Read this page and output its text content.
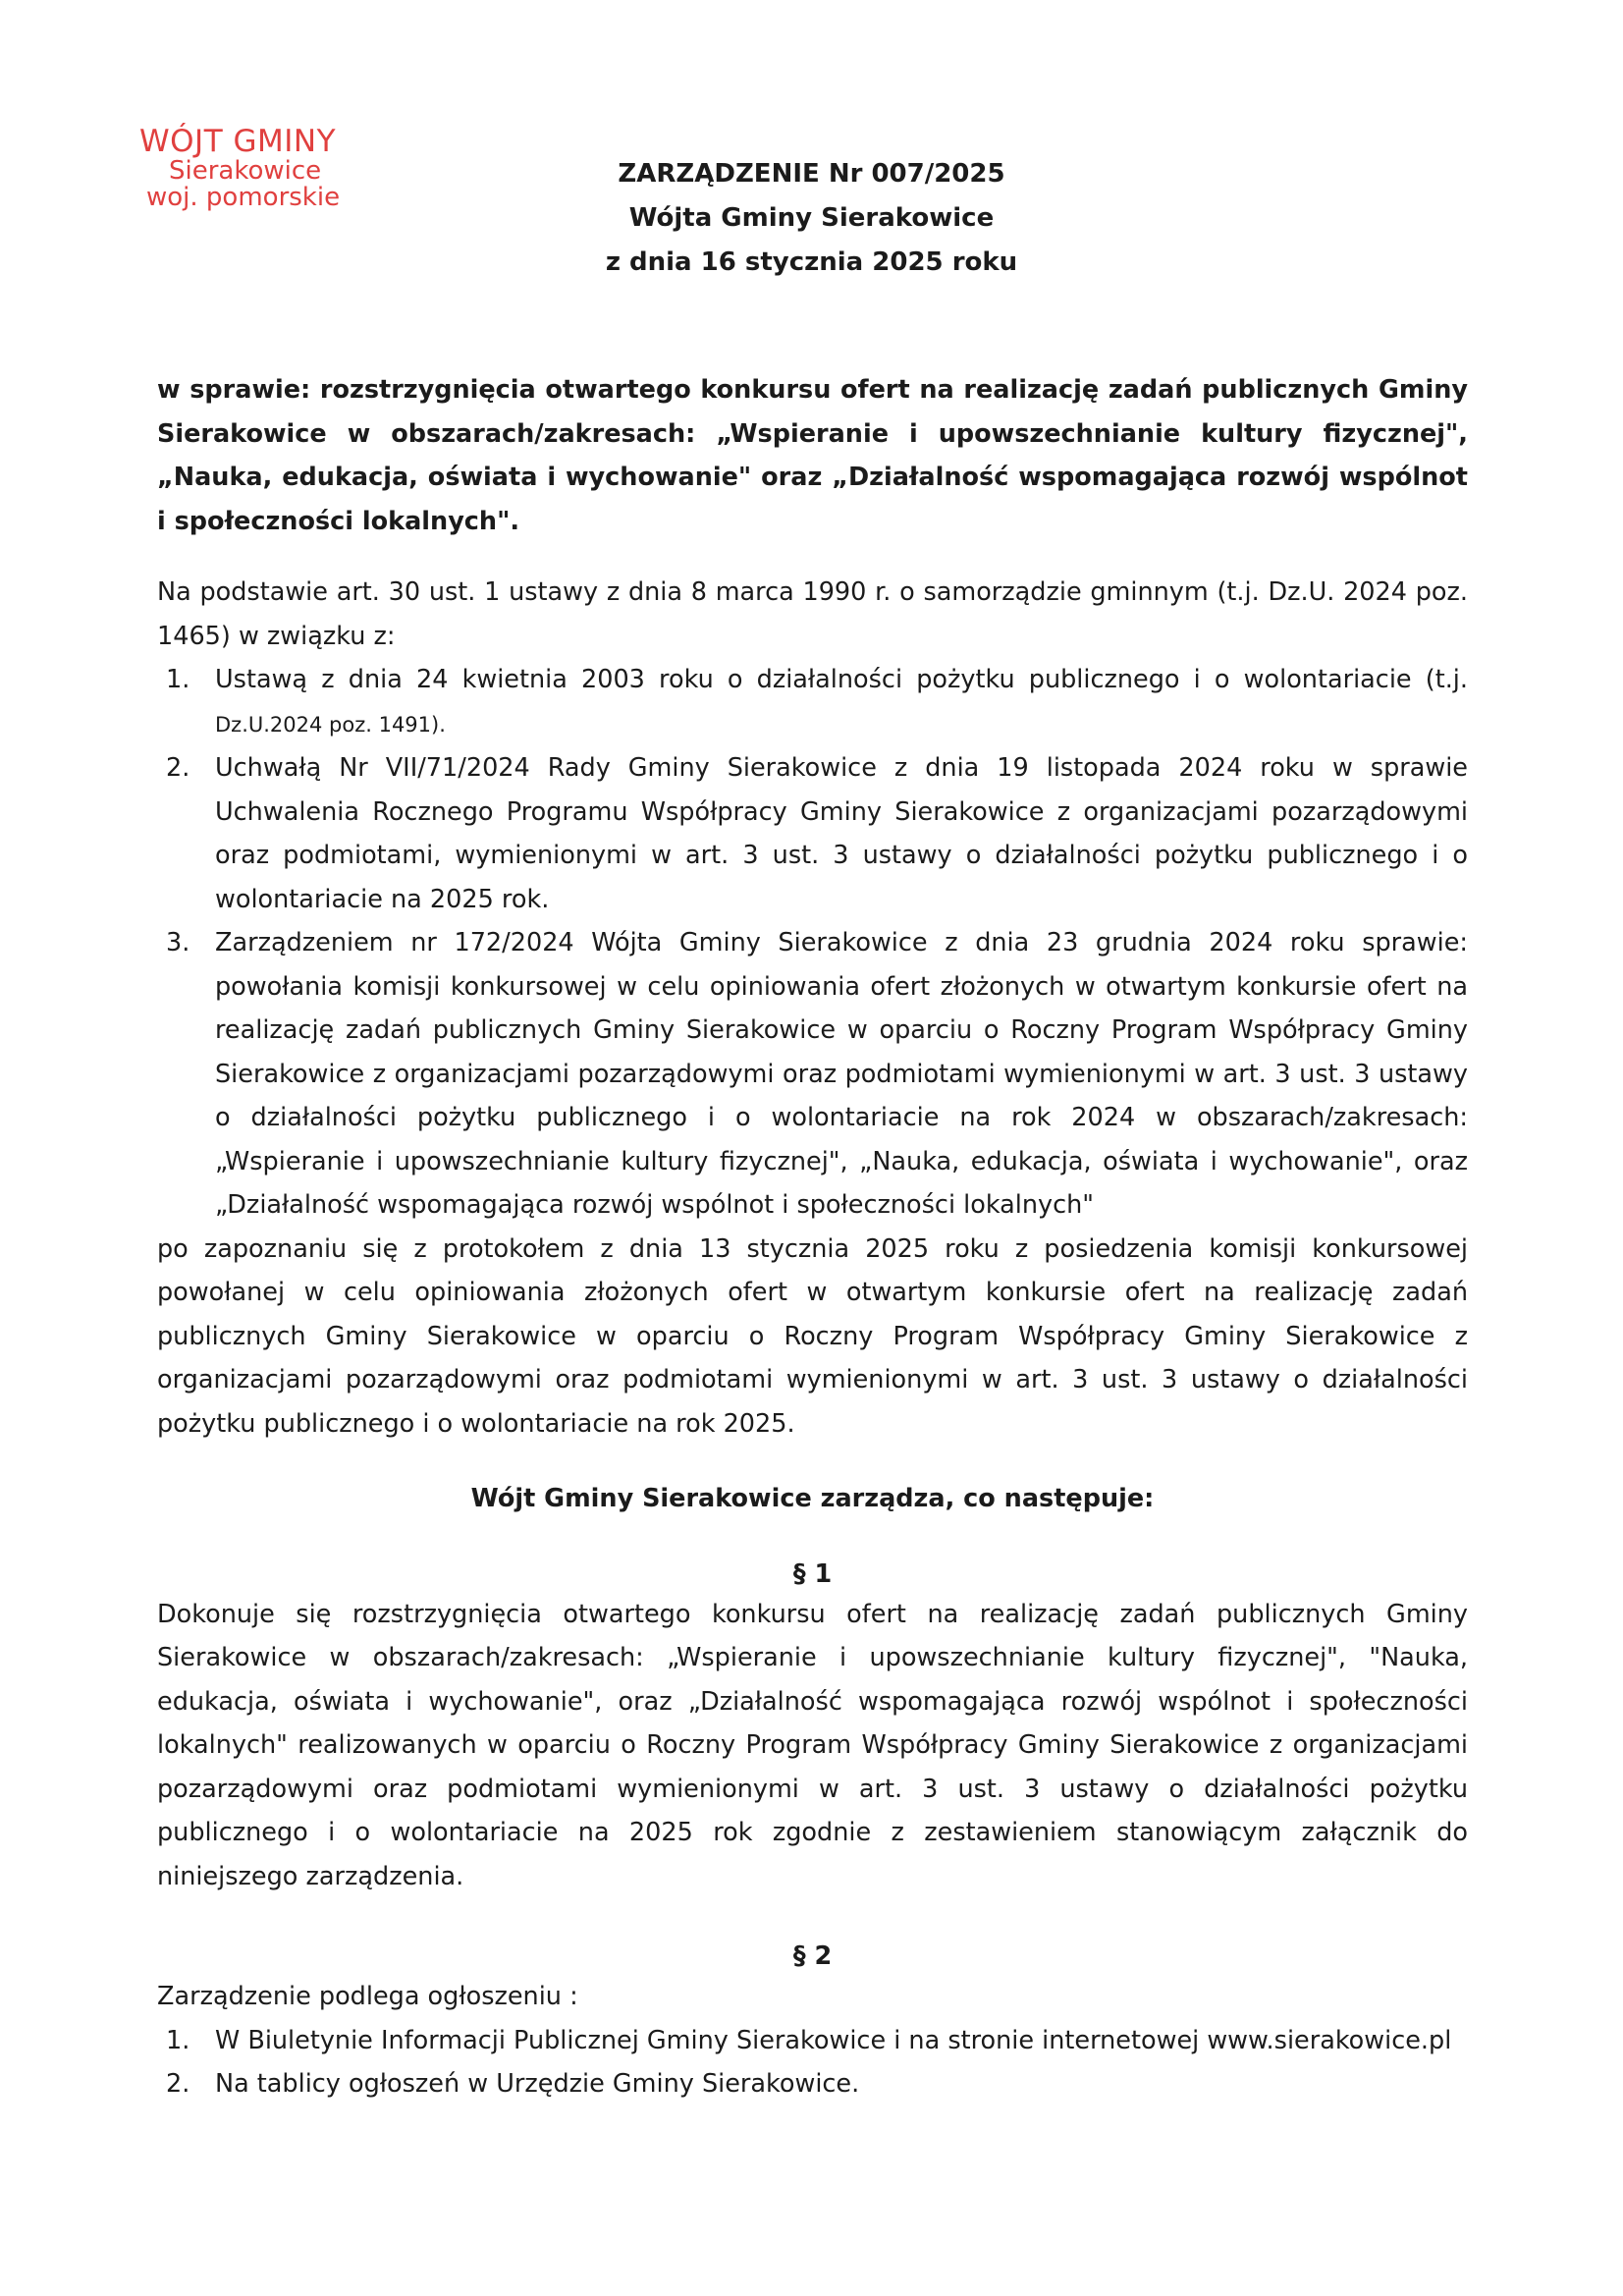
WÓJT GMINY
Sierakowice
woj. pomorskie
ZARZĄDZENIE Nr 007/2025
Wójta Gminy Sierakowice
z dnia 16 stycznia 2025 roku

w sprawie: rozstrzygnięcia otwartego konkursu ofert na realizację zadań publicznych Gminy Sierakowice w obszarach/zakresach: „Wspieranie i upowszechnianie kultury fizycznej", „Nauka, edukacja, oświata i wychowanie" oraz „Działalność wspomagająca rozwój wspólnot i społeczności lokalnych".

Na podstawie art. 30 ust. 1 ustawy z dnia 8 marca 1990 r. o samorządzie gminnym (t.j. Dz.U. 2024 poz. 1465) w związku z:

1. Ustawą z dnia 24 kwietnia 2003 roku o działalności pożytku publicznego i o wolontariacie (t.j. Dz.U.2024 poz. 1491).
2. Uchwałą Nr VII/71/2024 Rady Gminy Sierakowice z dnia 19 listopada 2024 roku w sprawie Uchwalenia Rocznego Programu Współpracy Gminy Sierakowice z organizacjami pozarządowymi oraz podmiotami, wymienionymi w art. 3 ust. 3 ustawy o działalności pożytku publicznego i o wolontariacie na 2025 rok.
3. Zarządzeniem nr 172/2024 Wójta Gminy Sierakowice z dnia 23 grudnia 2024 roku sprawie: powołania komisji konkursowej w celu opiniowania ofert złożonych w otwartym konkursie ofert na realizację zadań publicznych Gminy Sierakowice w oparciu o Roczny Program Współpracy Gminy Sierakowice z organizacjami pozarządowymi oraz podmiotami wymienionymi w art. 3 ust. 3 ustawy o działalności pożytku publicznego i o wolontariacie na rok 2024 w obszarach/zakresach: „Wspieranie i upowszechnianie kultury fizycznej", „Nauka, edukacja, oświata i wychowanie", oraz „Działalność wspomagająca rozwój wspólnot i społeczności lokalnych"

po zapoznaniu się z protokołem z dnia 13 stycznia 2025 roku z posiedzenia komisji konkursowej powołanej w celu opiniowania złożonych ofert w otwartym konkursie ofert na realizację zadań publicznych Gminy Sierakowice w oparciu o Roczny Program Współpracy Gminy Sierakowice z organizacjami pozarządowymi oraz podmiotami wymienionymi w art. 3 ust. 3 ustawy o działalności pożytku publicznego i o wolontariacie na rok 2025.

Wójt Gminy Sierakowice zarządza, co następuje:

§ 1

Dokonuje się rozstrzygnięcia otwartego konkursu ofert na realizację zadań publicznych Gminy Sierakowice w obszarach/zakresach: „Wspieranie i upowszechnianie kultury fizycznej", "Nauka, edukacja, oświata i wychowanie", oraz „Działalność wspomagająca rozwój wspólnot i społeczności lokalnych" realizowanych w oparciu o Roczny Program Współpracy Gminy Sierakowice z organizacjami pozarządowymi oraz podmiotami wymienionymi w art. 3 ust. 3 ustawy o działalności pożytku publicznego i o wolontariacie na 2025 rok zgodnie z zestawieniem stanowiącym załącznik do niniejszego zarządzenia.

§ 2

Zarządzenie podlega ogłoszeniu :

1. W Biuletynie Informacji Publicznej Gminy Sierakowice i na stronie internetowej www.sierakowice.pl
2. Na tablicy ogłoszeń w Urzędzie Gminy Sierakowice.
